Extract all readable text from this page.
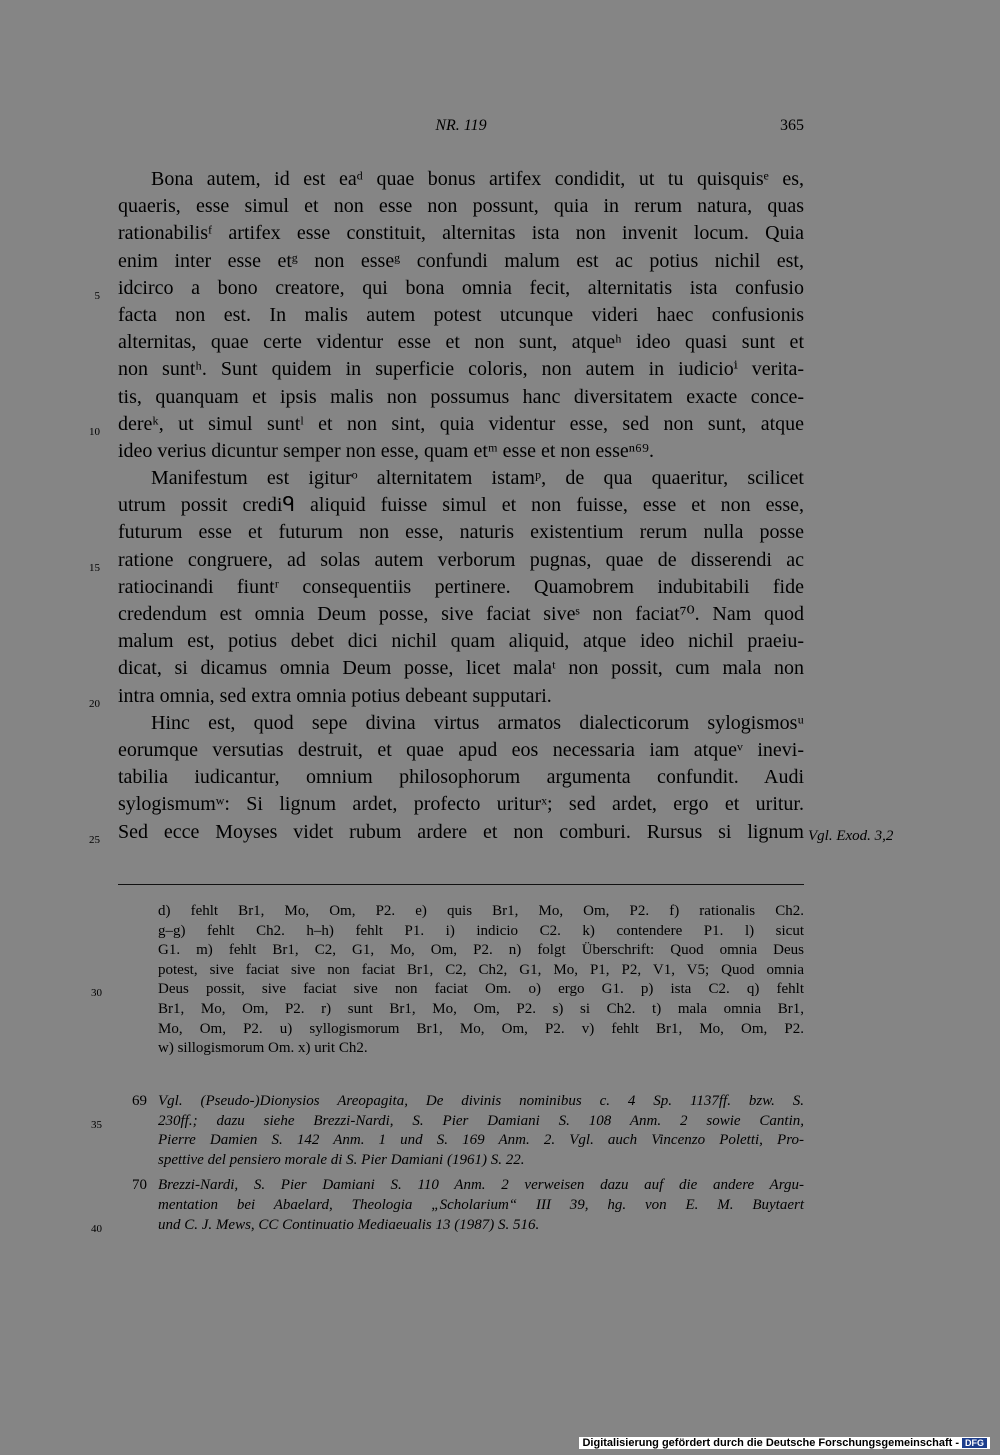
NR. 119	365
Bona autem, id est eaᵈ quae bonus artifex condidit, ut tu quisquisᵉ es,
quaeris, esse simul et non esse non possunt, quia in rerum natura, quas
rationabilisᶠ artifex esse constituit, alternitas ista non invenit locum. Quia
enim inter esse etᵍ non esseᵍ confundi malum est ac potius nichil est,
idcirco a bono creatore, qui bona omnia fecit, alternitatis ista confusio
5
facta non est. In malis autem potest utcunque videri haec confusionis
alternitas, quae certe videntur esse et non sunt, atqueʰ ideo quasi sunt et
non suntʰ. Sunt quidem in superficie coloris, non autem in iudicioⁱ verita-
tis, quanquam et ipsis malis non possumus hanc diversitatem exacte conce-
dereᵏ, ut simul suntˡ et non sint, quia videntur esse, sed non sunt, atque
10
ideo verius dicuntur semper non esse, quam etᵐ esse et non esseⁿ⁶⁹.
Manifestum est igiturᵒ alternitatem istamᵖ, de qua quaeritur, scilicet
utrum possit crediᑫ aliquid fuisse simul et non fuisse, esse et non esse,
futurum esse et futurum non esse, naturis existentium rerum nulla posse
ratione congruere, ad solas autem verborum pugnas, quae de disserendi ac
15
ratiocinandi fiuntʳ consequentiis pertinere. Quamobrem indubitabili fide
credendum est omnia Deum posse, sive faciat siveˢ non faciat⁷⁰. Nam quod
malum est, potius debet dici nichil quam aliquid, atque ideo nichil praeiu-
dicat, si dicamus omnia Deum posse, licet malaᵗ non possit, cum mala non
intra omnia, sed extra omnia potius debeant supputari.
20
Hinc est, quod sepe divina virtus armatos dialecticorum sylogismosᵘ
eorumque versutias destruit, et quae apud eos necessaria iam atqueᵛ inevi-
tabilia iudicantur, omnium philosophorum argumenta confundit. Audi
sylogismumʷ: Si lignum ardet, profecto uriturˣ; sed ardet, ergo et uritur.
Sed ecce Moyses videt rubum ardere et non comburi. Rursus si lignum
25	Vgl. Exod. 3,2
d) fehlt Br1, Mo, Om, P2. e) quis Br1, Mo, Om, P2. f) rationalis Ch2.
g–g) fehlt Ch2. h–h) fehlt P1. i) indicio C2. k) contendere P1. l) sicut
G1. m) fehlt Br1, C2, G1, Mo, Om, P2. n) folgt Überschrift: Quod omnia Deus
potest, sive faciat sive non faciat Br1, C2, Ch2, G1, Mo, P1, P2, V1, V5; Quod omnia
Deus possit, sive faciat sive non faciat Om. o) ergo G1. p) ista C2. q) fehlt
30
Br1, Mo, Om, P2. r) sunt Br1, Mo, Om, P2. s) si Ch2. t) mala omnia Br1,
Mo, Om, P2. u) syllogismorum Br1, Mo, Om, P2. v) fehlt Br1, Mo, Om, P2.
w) sillogismorum Om. x) urit Ch2.
69 Vgl. (Pseudo-)Dionysios Areopagita, De divinis nominibus c. 4 Sp. 1137ff. bzw. S.
230ff.; dazu siehe Brezzi-Nardi, S. Pier Damiani S. 108 Anm. 2 sowie Cantin,
35
Pierre Damien S. 142 Anm. 1 und S. 169 Anm. 2. Vgl. auch Vincenzo Poletti, Pro-
spettive del pensiero morale di S. Pier Damiani (1961) S. 22.
70 Brezzi-Nardi, S. Pier Damiani S. 110 Anm. 2 verweisen dazu auf die andere Argu-
mentation bei Abaelard, Theologia „Scholarium“ III 39, hg. von E. M. Buytaert
und C. J. Mews, CC Continuatio Mediaeualis 13 (1987) S. 516.
40
Digitalisierung gefördert durch die Deutsche Forschungsgemeinschaft - DFG
